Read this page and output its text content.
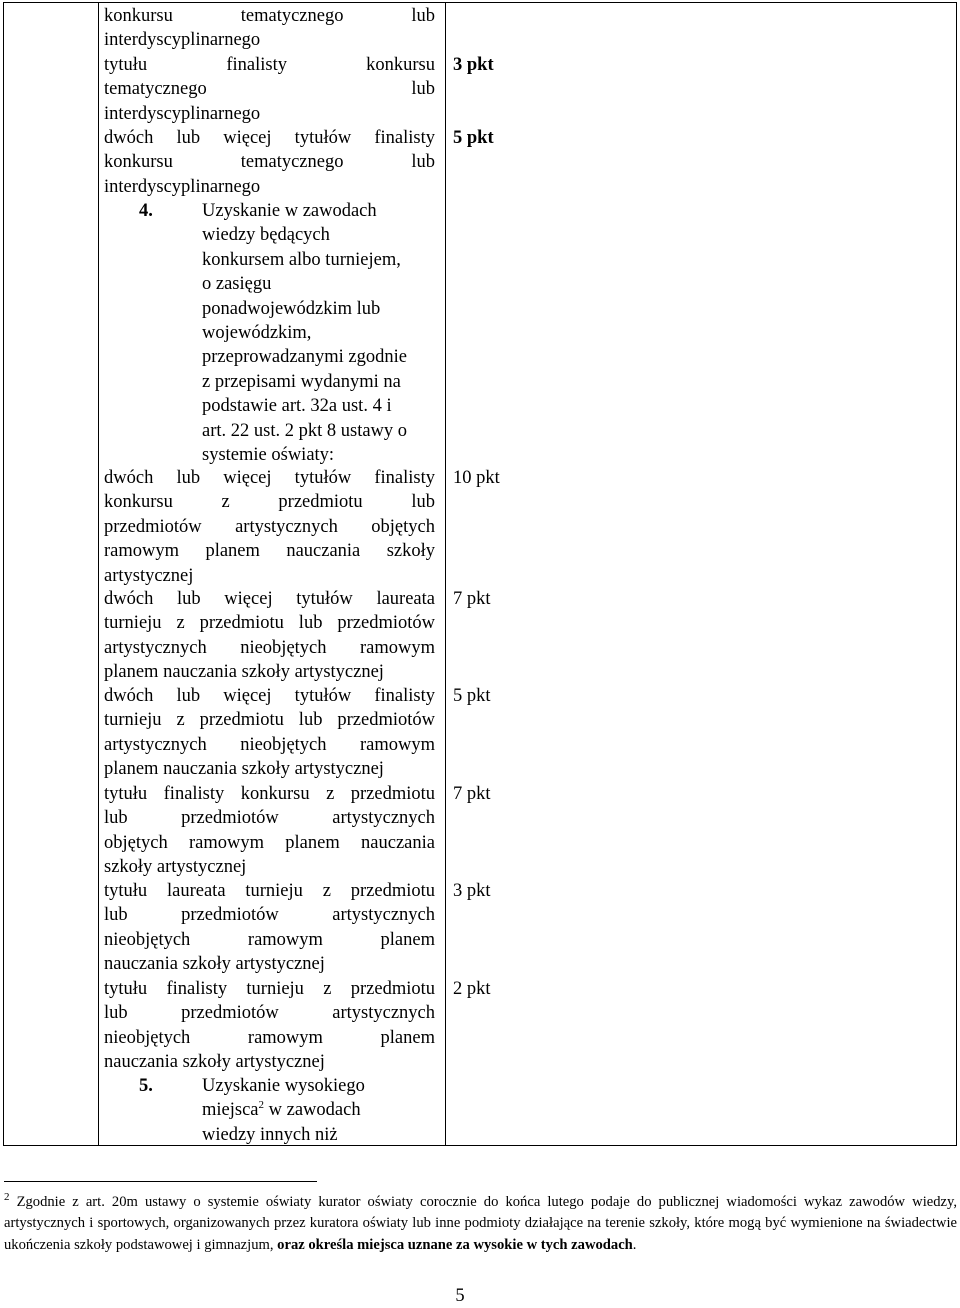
konkursu tematycznego lub
interdyscyplinarnego
tytułu finalisty konkursu
tematycznego lub
interdyscyplinarnego
3 pkt
dwóch lub więcej tytułów finalisty
konkursu tematycznego lub
interdyscyplinarnego
5 pkt
4.	Uzyskanie w zawodach
wiedzy będących
konkursem albo turniejem,
o zasięgu
ponadwojewódzkim lub
wojewódzkim,
przeprowadzanymi zgodnie
z przepisami wydanymi na
podstawie art. 32a ust. 4 i
art. 22 ust. 2 pkt 8 ustawy o
systemie oświaty:
dwóch lub więcej tytułów finalisty
konkursu z przedmiotu lub
przedmiotów artystycznych objętych
ramowym planem nauczania szkoły
artystycznej
10 pkt
dwóch lub więcej tytułów laureata
turnieju z przedmiotu lub przedmiotów
artystycznych nieobjętych ramowym
planem nauczania szkoły artystycznej
7 pkt
dwóch lub więcej tytułów finalisty
turnieju z przedmiotu lub przedmiotów
artystycznych nieobjętych ramowym
planem nauczania szkoły artystycznej
5 pkt
tytułu finalisty konkursu z przedmiotu
lub przedmiotów artystycznych
objętych ramowym planem nauczania
szkoły artystycznej
7 pkt
tytułu laureata turnieju z przedmiotu
lub przedmiotów artystycznych
nieobjętych ramowym planem
nauczania szkoły artystycznej
3 pkt
tytułu finalisty turnieju z przedmiotu
lub przedmiotów artystycznych
nieobjętych ramowym planem
nauczania szkoły artystycznej
2 pkt
5.	Uzyskanie wysokiego
miejsca$^2$ w zawodach
wiedzy innych niż
$^2$ Zgodnie z art. 20m ustawy o systemie oświaty kurator oświaty corocznie do końca lutego podaje do publicznej wiadomości wykaz zawodów wiedzy, artystycznych i sportowych, organizowanych przez kuratora oświaty lub inne podmioty działające na terenie szkoły, które mogą być wymienione na świadectwie ukończenia szkoły podstawowej i gimnazjum, oraz określa miejsca uznane za wysokie w tych zawodach.
5
